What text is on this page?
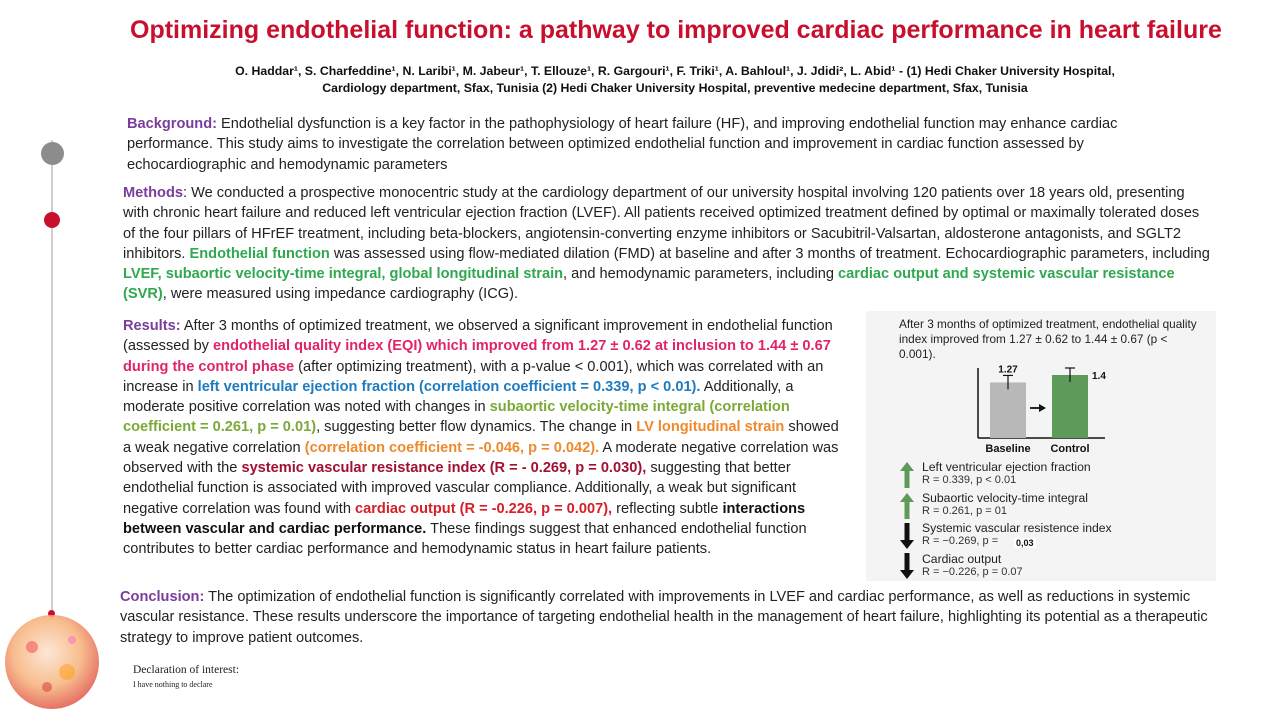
Optimizing endothelial function: a pathway to improved cardiac performance in heart failure
O. Haddar¹, S. Charfeddine¹, N. Laribi¹, M. Jabeur¹, T. Ellouze¹, R. Gargouri¹, F. Triki¹, A. Bahloul¹, J. Jdidi², L. Abid¹ - (1) Hedi Chaker University Hospital,
Cardiology department, Sfax, Tunisia (2) Hedi Chaker University Hospital, preventive medecine department, Sfax, Tunisia
Background: Endothelial dysfunction is a key factor in the pathophysiology of heart failure (HF), and improving endothelial function may enhance cardiac performance. This study aims to investigate the correlation between optimized endothelial function and improvement in cardiac function assessed by echocardiographic and hemodynamic parameters
Methods: We conducted a prospective monocentric study at the cardiology department of our university hospital involving 120 patients over 18 years old, presenting with chronic heart failure and reduced left ventricular ejection fraction (LVEF). All patients received optimized treatment defined by optimal or maximally tolerated doses of the four pillars of HFrEF treatment, including beta-blockers, angiotensin-converting enzyme inhibitors or Sacubitril-Valsartan, aldosterone antagonists, and SGLT2 inhibitors. Endothelial function was assessed using flow-mediated dilation (FMD) at baseline and after 3 months of treatment. Echocardiographic parameters, including LVEF, subaortic velocity-time integral, global longitudinal strain, and hemodynamic parameters, including cardiac output and systemic vascular resistance (SVR), were measured using impedance cardiography (ICG).
Results: After 3 months of optimized treatment, we observed a significant improvement in endothelial function (assessed by endothelial quality index (EQI) which improved from 1.27 ± 0.62 at inclusion to 1.44 ± 0.67 during the control phase (after optimizing treatment), with a p-value < 0.001), which was correlated with an increase in left ventricular ejection fraction (correlation coefficient = 0.339, p < 0.01). Additionally, a moderate positive correlation was noted with changes in subaortic velocity-time integral (correlation coefficient = 0.261, p = 0.01), suggesting better flow dynamics. The change in LV longitudinal strain showed a weak negative correlation (correlation coefficient = -0.046, p = 0.042). A moderate negative correlation was observed with the systemic vascular resistance index (R = - 0.269, p = 0.030), suggesting that better endothelial function is associated with improved vascular compliance. Additionally, a weak but significant negative correlation was found with cardiac output (R = -0.226, p = 0.007), reflecting subtle interactions between vascular and cardiac performance. These findings suggest that enhanced endothelial function contributes to better cardiac performance and hemodynamic status in heart failure patients.
After 3 months of optimized treatment, endothelial quality index improved from 1.27 ± 0.62 to 1.44 ± 0.67 (p < 0.001).
1.27
Baseline
1.4
Control
Left ventricular ejection fraction
R = 0.339, p < 0.01
Subaortic velocity-time integral
R = 0.261, p = 01
Systemic vascular resistence index
R = −0.269, p =	0,03
Cardiac output
R = −0.226, p = 0.07
Conclusion: The optimization of endothelial function is significantly correlated with improvements in LVEF and cardiac performance, as well as reductions in systemic vascular resistance. These results underscore the importance of targeting endothelial health in the management of heart failure, highlighting its potential as a therapeutic strategy to improve patient outcomes.
Declaration of interest:
I have nothing to declare
